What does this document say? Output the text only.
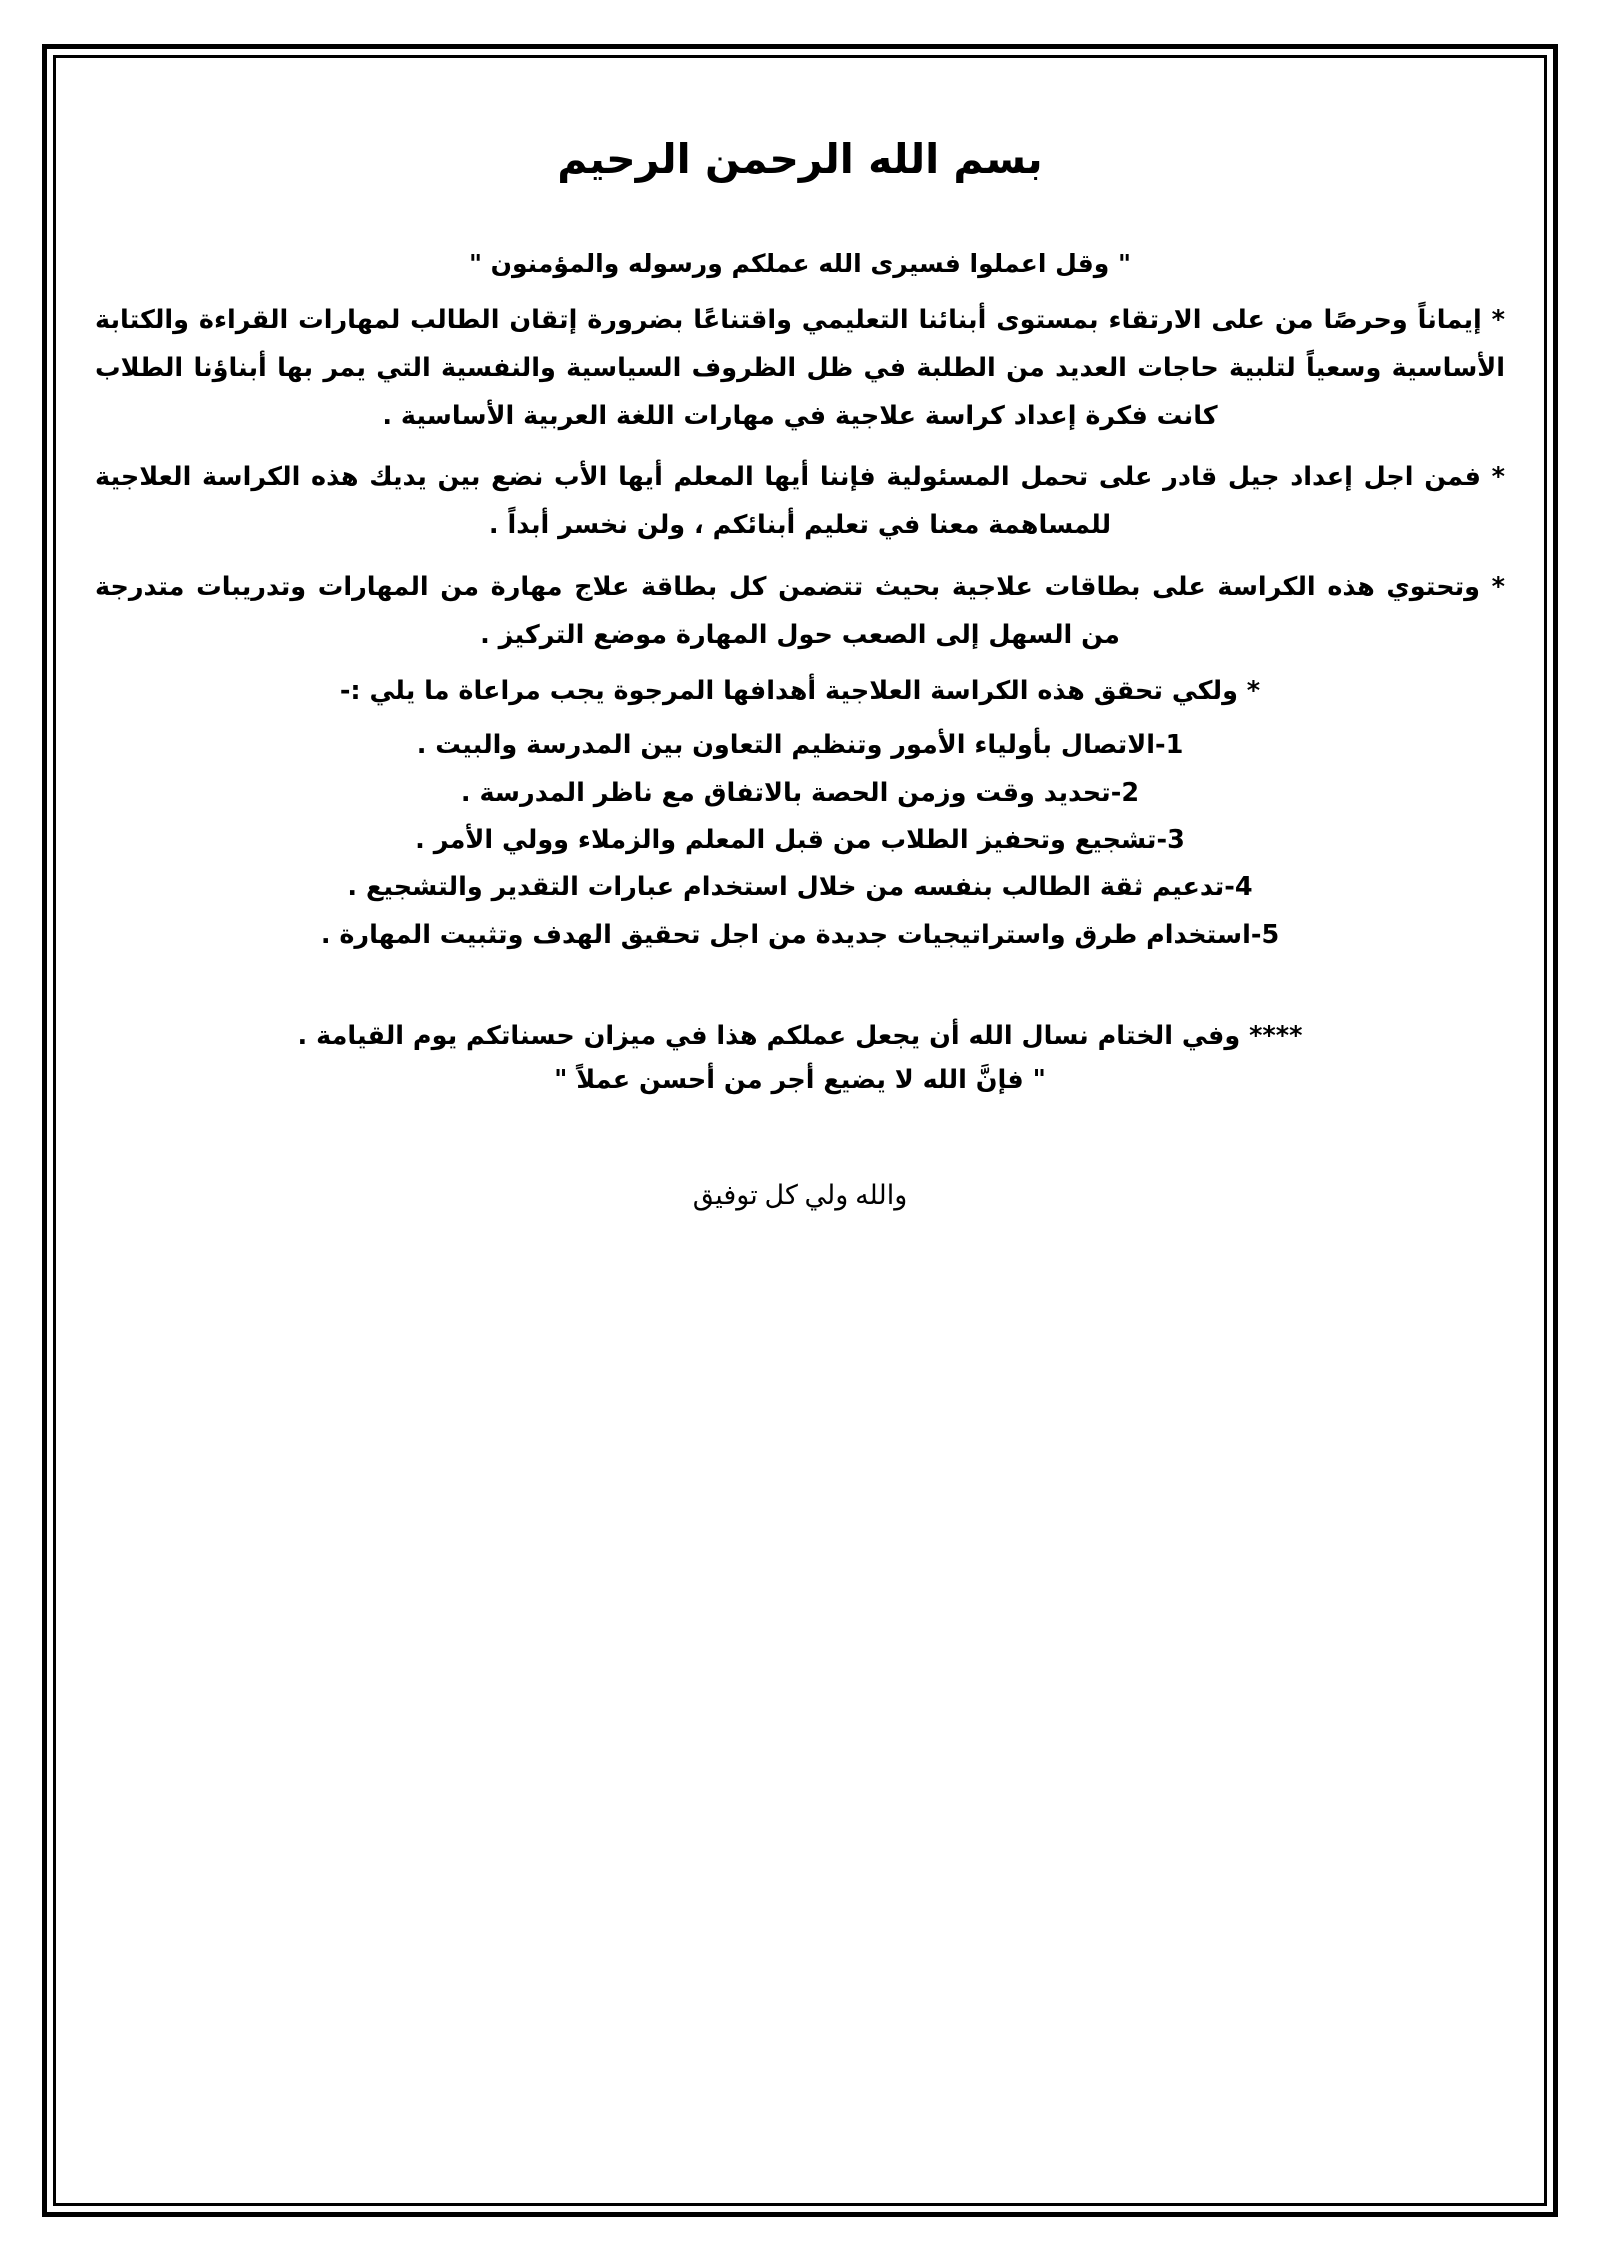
بسم الله الرحمن الرحيم

" وقل اعملوا فسيرى الله عملكم ورسوله والمؤمنون "

* إيماناً وحرصًا من على الارتقاء بمستوى أبنائنا التعليمي واقتناعًا بضرورة إتقان الطالب لمهارات القراءة والكتابة الأساسية وسعياً لتلبية حاجات العديد من الطلبة في ظل الظروف السياسية والنفسية التي يمر بها أبناؤنا الطلاب كانت فكرة إعداد كراسة علاجية في مهارات اللغة العربية الأساسية .

* فمن اجل إعداد جيل قادر على تحمل المسئولية فإننا أيها المعلم أيها الأب نضع بين يديك هذه الكراسة العلاجية للمساهمة معنا في تعليم أبنائكم ، ولن نخسر أبداً .

* وتحتوي هذه الكراسة على بطاقات علاجية بحيث تتضمن كل بطاقة علاج مهارة من المهارات وتدريبات متدرجة من السهل إلى الصعب حول المهارة موضع التركيز .

* ولكي تحقق هذه الكراسة العلاجية أهدافها المرجوة يجب مراعاة ما يلي :-

1-الاتصال بأولياء الأمور وتنظيم التعاون بين المدرسة والبيت .

2-تحديد وقت وزمن الحصة بالاتفاق مع ناظر المدرسة .

3-تشجيع وتحفيز الطلاب من قبل المعلم والزملاء وولي الأمر .

4-تدعيم ثقة الطالب بنفسه من خلال استخدام عبارات التقدير والتشجيع .

5-استخدام طرق واستراتيجيات جديدة من اجل تحقيق الهدف وتثبيت المهارة .

**** وفي الختام نسال الله أن يجعل عملكم هذا في ميزان حسناتكم يوم القيامة .

" فإنَّ الله لا يضيع أجر من أحسن عملاً "

والله ولي كل توفيق
